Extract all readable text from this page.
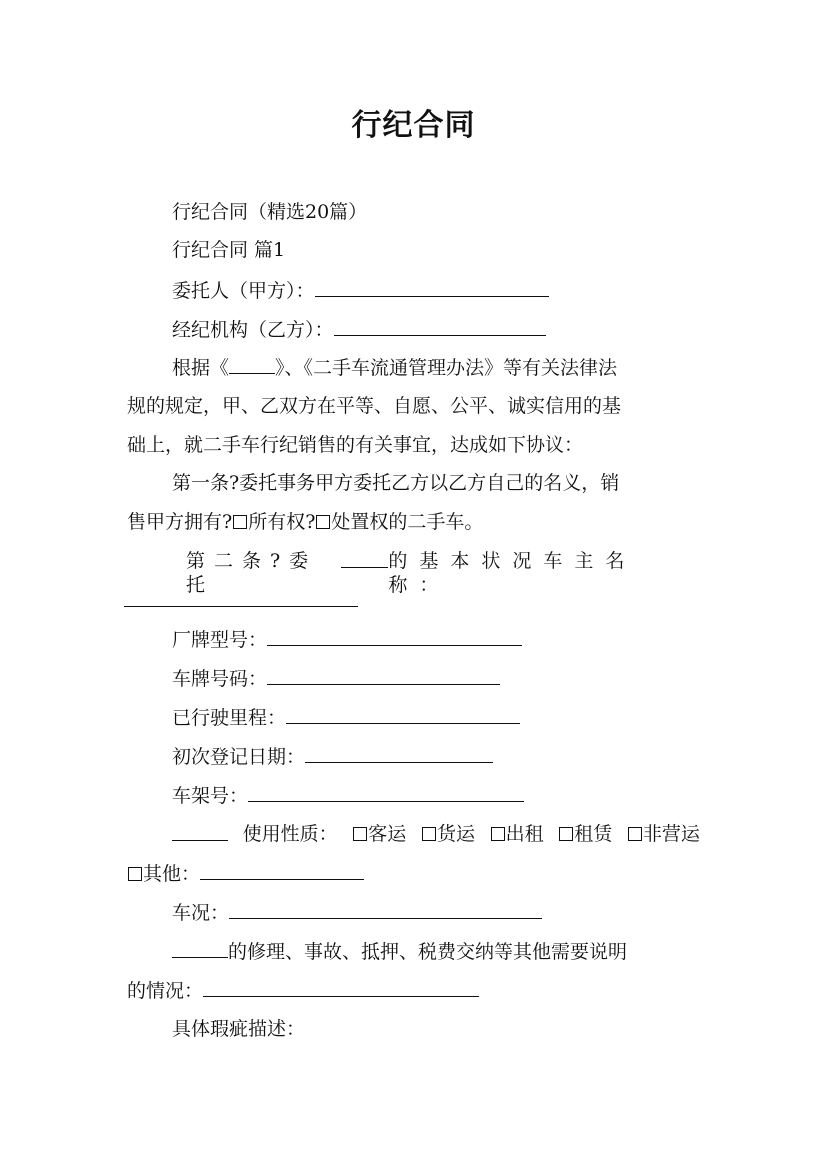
行纪合同
行纪合同（精选20篇）
行纪合同 篇1
委托人（甲方）：
经纪机构（乙方）：
根据《 》、《二手车流通管理办法》等有关法律法
规的规定，甲、乙双方在平等、自愿、公平、诚实信用的基
础上，就二手车行纪销售的有关事宜，达成如下协议：
第一条?委托事务甲方委托乙方以乙方自己的名义，销
售甲方拥有? 所有权? 处置权的二手车。
第二条?委托
的基本状况车主名称：
厂牌型号：
车牌号码：
已行驶里程：
初次登记日期：
车架号：
使用性质：	客运	货运	出租	租赁	非营运
其他：
车况：
的修理、事故、抵押、税费交纳等其他需要说明
的情况：
具体瑕疵描述：
